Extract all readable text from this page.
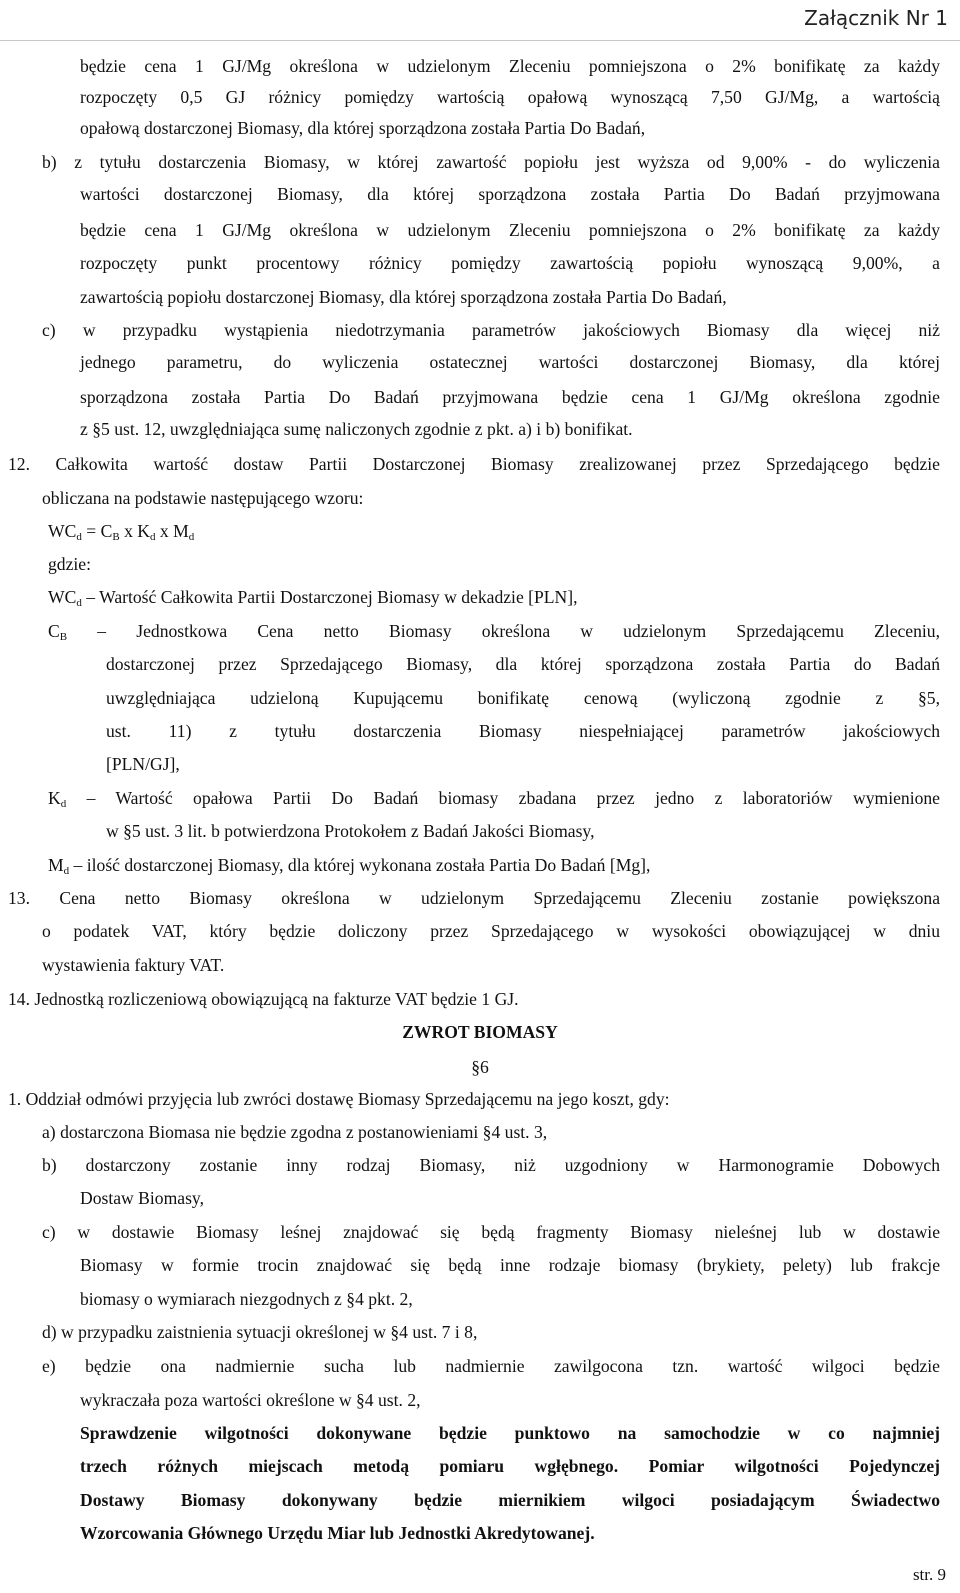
Załącznik Nr 1
będzie cena 1 GJ/Mg określona w udzielonym Zleceniu pomniejszona o 2% bonifikatę za każdy
rozpoczęty 0,5 GJ różnicy pomiędzy wartością opałową wynoszącą 7,50 GJ/Mg, a wartością
opałową dostarczonej Biomasy, dla której sporządzona została Partia Do Badań,
b) z tytułu dostarczenia Biomasy, w której zawartość popiołu jest wyższa od 9,00% - do wyliczenia
wartości dostarczonej Biomasy, dla której sporządzona została Partia Do Badań przyjmowana
będzie cena 1 GJ/Mg określona w udzielonym Zleceniu pomniejszona o 2% bonifikatę za każdy
rozpoczęty punkt procentowy różnicy pomiędzy zawartością popiołu wynoszącą 9,00%, a
zawartością popiołu dostarczonej Biomasy, dla której sporządzona została Partia Do Badań,
c) w przypadku wystąpienia niedotrzymania parametrów jakościowych Biomasy dla więcej niż
jednego parametru, do wyliczenia ostatecznej wartości dostarczonej Biomasy, dla której
sporządzona została Partia Do Badań przyjmowana będzie cena 1 GJ/Mg określona zgodnie
z §5 ust. 12, uwzględniająca sumę naliczonych zgodnie z pkt. a) i b) bonifikat.
12. Całkowita wartość dostaw Partii Dostarczonej Biomasy zrealizowanej przez Sprzedającego będzie
obliczana na podstawie następującego wzoru:
$WC_d = C_B$ x $K_d$ x $M_d$
gdzie:
$WC_d$ – Wartość Całkowita Partii Dostarczonej Biomasy w dekadzie [PLN],
$C_B$ – Jednostkowa Cena netto Biomasy określona w udzielonym Sprzedającemu Zleceniu,
dostarczonej przez Sprzedającego Biomasy, dla której sporządzona została Partia do Badań
uwzględniająca udzieloną Kupującemu bonifikatę cenową (wyliczoną zgodnie z §5,
ust. 11) z tytułu dostarczenia Biomasy niespełniającej parametrów jakościowych
[PLN/GJ],
$K_d$ – Wartość opałowa Partii Do Badań biomasy zbadana przez jedno z laboratoriów wymienione
w §5 ust. 3 lit. b potwierdzona Protokołem z Badań Jakości Biomasy,
$M_d$ – ilość dostarczonej Biomasy, dla której wykonana została Partia Do Badań [Mg],
13. Cena netto Biomasy określona w udzielonym Sprzedającemu Zleceniu zostanie powiększona
o podatek VAT, który będzie doliczony przez Sprzedającego w wysokości obowiązującej w dniu
wystawienia faktury VAT.
14. Jednostką rozliczeniową obowiązującą na fakturze VAT będzie 1 GJ.
ZWROT BIOMASY
§6
1. Oddział odmówi przyjęcia lub zwróci dostawę Biomasy Sprzedającemu na jego koszt, gdy:
a) dostarczona Biomasa nie będzie zgodna z postanowieniami §4 ust. 3,
b) dostarczony zostanie inny rodzaj Biomasy, niż uzgodniony w Harmonogramie Dobowych
Dostaw Biomasy,
c) w dostawie Biomasy leśnej znajdować się będą fragmenty Biomasy nieleśnej lub w dostawie
Biomasy w formie trocin znajdować się będą inne rodzaje biomasy (brykiety, pelety) lub frakcje
biomasy o wymiarach niezgodnych z §4 pkt. 2,
d) w przypadku zaistnienia sytuacji określonej w §4 ust. 7 i 8,
e) będzie ona nadmiernie sucha lub nadmiernie zawilgocona tzn. wartość wilgoci będzie
wykraczała poza wartości określone w §4 ust. 2,
Sprawdzenie wilgotności dokonywane będzie punktowo na samochodzie w co najmniej
trzech różnych miejscach metodą pomiaru wgłębnego. Pomiar wilgotności Pojedynczej
Dostawy Biomasy dokonywany będzie miernikiem wilgoci posiadającym Świadectwo
Wzorcowania Głównego Urzędu Miar lub Jednostki Akredytowanej.
str. 9
